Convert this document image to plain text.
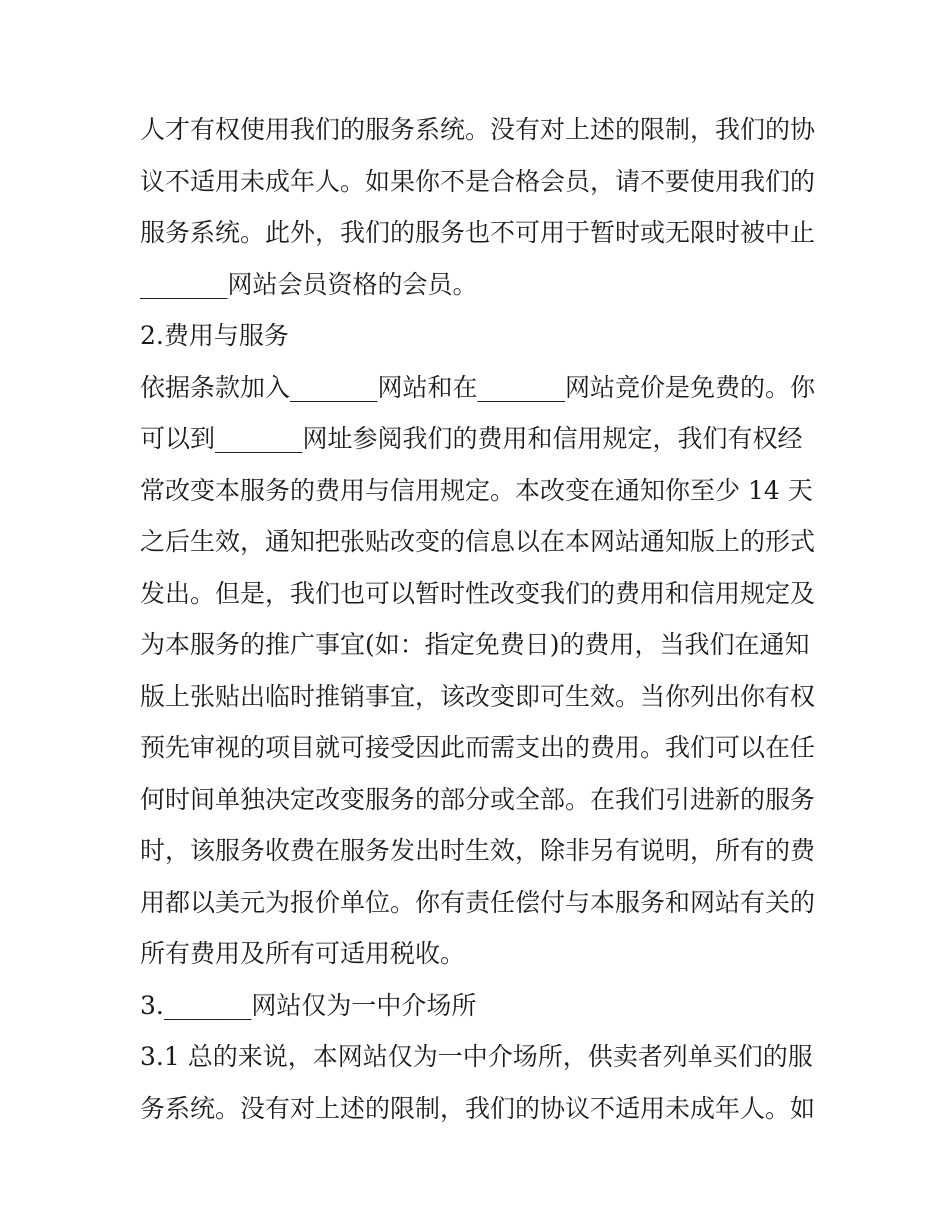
人才有权使用我们的服务系统。没有对上述的限制，我们的协
议不适用未成年人。如果你不是合格会员，请不要使用我们的
服务系统。此外，我们的服务也不可用于暂时或无限时被中止
_______网站会员资格的会员。

2.费用与服务

依据条款加入_______网站和在_______网站竞价是免费的。你
可以到_______网址参阅我们的费用和信用规定，我们有权经
常改变本服务的费用与信用规定。本改变在通知你至少 14 天
之后生效，通知把张贴改变的信息以在本网站通知版上的形式
发出。但是，我们也可以暂时性改变我们的费用和信用规定及
为本服务的推广事宜(如：指定免费日)的费用，当我们在通知
版上张贴出临时推销事宜，该改变即可生效。当你列出你有权
预先审视的项目就可接受因此而需支出的费用。我们可以在任
何时间单独决定改变服务的部分或全部。在我们引进新的服务
时，该服务收费在服务发出时生效，除非另有说明，所有的费
用都以美元为报价单位。你有责任偿付与本服务和网站有关的
所有费用及所有可适用税收。

3._______网站仅为一中介场所

3.1 总的来说，本网站仅为一中介场所，供卖者列单买们的服
务系统。没有对上述的限制，我们的协议不适用未成年人。如
